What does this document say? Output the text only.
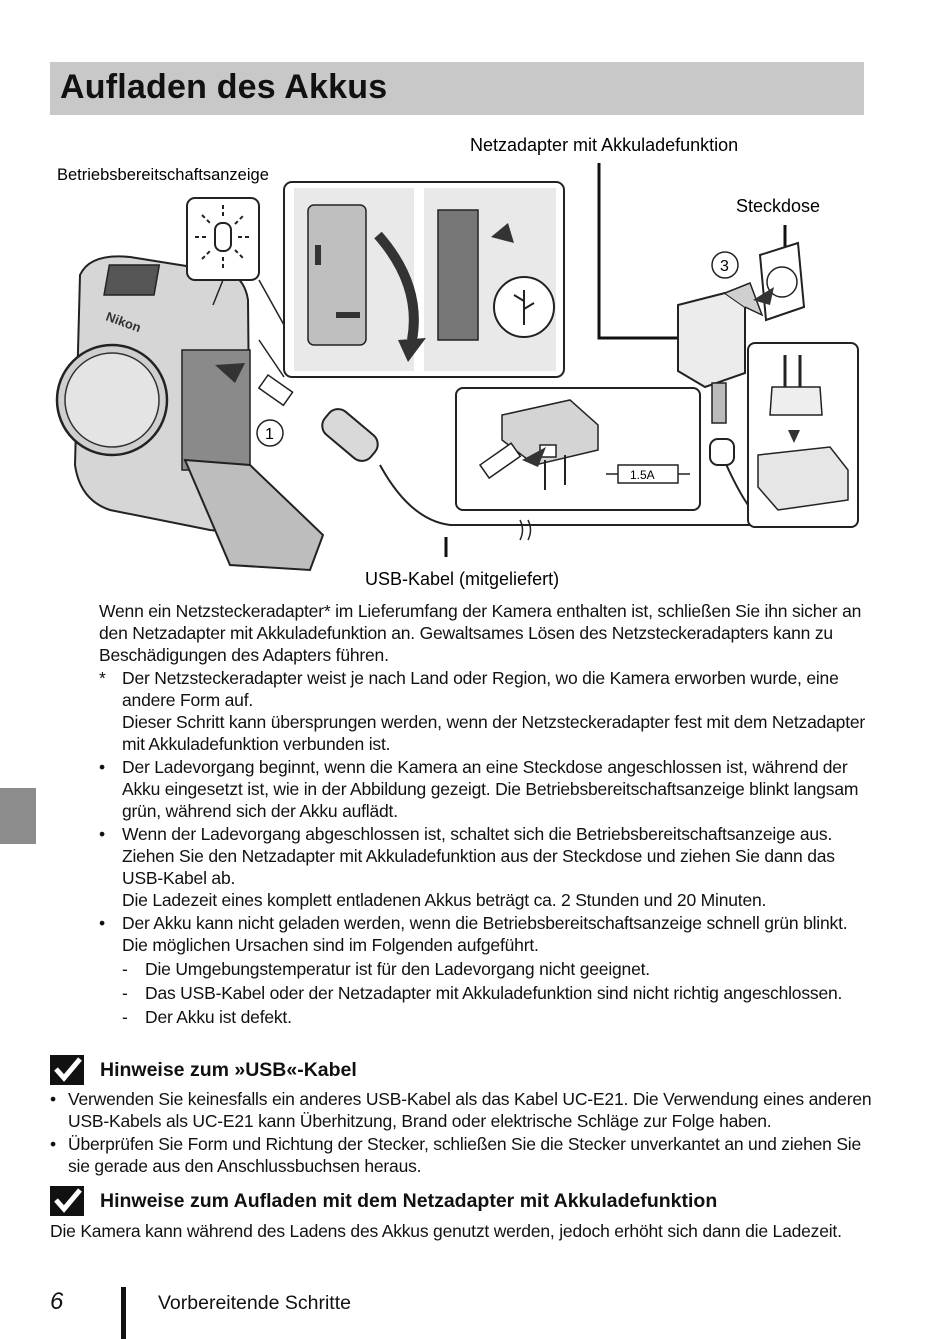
Aufladen des Akkus
Betriebsbereitschaftsanzeige
Netzadapter mit Akkuladefunktion
Steckdose
USB-Kabel (mitgeliefert)
Nikon
1
3
1.5A

Wenn ein Netzsteckeradapter* im Lieferumfang der Kamera enthalten ist, schließen Sie ihn sicher an den Netzadapter mit Akkuladefunktion an. Gewaltsames Lösen des Netzsteckeradapters kann zu Beschädigungen des Adapters führen.

* Der Netzsteckeradapter weist je nach Land oder Region, wo die Kamera erworben wurde, eine andere Form auf.
Dieser Schritt kann übersprungen werden, wenn der Netzsteckeradapter fest mit dem Netzadapter mit Akkuladefunktion verbunden ist.
• Der Ladevorgang beginnt, wenn die Kamera an eine Steckdose angeschlossen ist, während der Akku eingesetzt ist, wie in der Abbildung gezeigt. Die Betriebsbereitschaftsanzeige blinkt langsam grün, während sich der Akku auflädt.
• Wenn der Ladevorgang abgeschlossen ist, schaltet sich die Betriebsbereitschaftsanzeige aus. Ziehen Sie den Netzadapter mit Akkuladefunktion aus der Steckdose und ziehen Sie dann das USB-Kabel ab.
Die Ladezeit eines komplett entladenen Akkus beträgt ca. 2 Stunden und 20 Minuten.
• Der Akku kann nicht geladen werden, wenn die Betriebsbereitschaftsanzeige schnell grün blinkt. Die möglichen Ursachen sind im Folgenden aufgeführt.
- Die Umgebungstemperatur ist für den Ladevorgang nicht geeignet.
- Das USB-Kabel oder der Netzadapter mit Akkuladefunktion sind nicht richtig angeschlossen.
- Der Akku ist defekt.
Hinweise zum »USB«-Kabel
• Verwenden Sie keinesfalls ein anderes USB-Kabel als das Kabel UC-E21. Die Verwendung eines anderen USB-Kabels als UC-E21 kann Überhitzung, Brand oder elektrische Schläge zur Folge haben.
• Überprüfen Sie Form und Richtung der Stecker, schließen Sie die Stecker unverkantet an und ziehen Sie sie gerade aus den Anschlussbuchsen heraus.
Hinweise zum Aufladen mit dem Netzadapter mit Akkuladefunktion

Die Kamera kann während des Ladens des Akkus genutzt werden, jedoch erhöht sich dann die Ladezeit.

6	Vorbereitende Schritte
